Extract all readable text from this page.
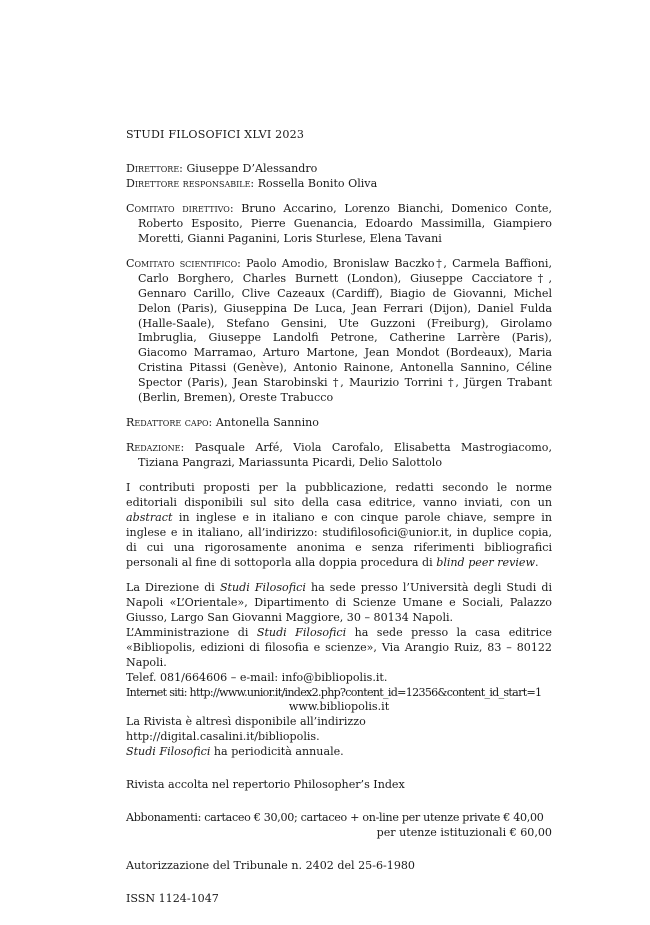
STUDI FILOSOFICI XLVI 2023

Direttore: Giuseppe D’Alessandro

Direttore responsabile: Rossella Bonito Oliva

Comitato direttivo: Bruno Accarino, Lorenzo Bianchi, Domenico Conte, Roberto Esposito, Pierre Guenancia, Edoardo Massimilla, Giampiero Moretti, Gianni Paganini, Loris Sturlese, Elena Tavani

Comitato scientifico: Paolo Amodio, Bronislaw Baczko†, Carmela Baffioni, Carlo Borghero, Charles Burnett (London), Giuseppe Cacciatore†, Gennaro Carillo, Clive Cazeaux (Cardiff), Biagio de Giovanni, Michel Delon (Paris), Giuseppina De Luca, Jean Ferrari (Dijon), Daniel Fulda (Halle-Saale), Stefano Gensini, Ute Guzzoni (Freiburg), Girolamo Imbruglia, Giuseppe Landolfi Petrone, Catherine Larrère (Paris), Giacomo Marramao, Arturo Martone, Jean Mondot (Bordeaux), Maria Cristina Pitassi (Genève), Antonio Rainone, Antonella Sannino, Céline Spector (Paris), Jean Starobinski †, Maurizio Torrini †, Jürgen Trabant (Berlin, Bremen), Oreste Trabucco

Redattore capo: Antonella Sannino

Redazione: Pasquale Arfé, Viola Carofalo, Elisabetta Mastrogiacomo, Tiziana Pangrazi, Mariassunta Picardi, Delio Salottolo

I contributi proposti per la pubblicazione, redatti secondo le norme editoriali disponibili sul sito della casa editrice, vanno inviati, con un abstract in inglese e in italiano e con cinque parole chiave, sempre in inglese e in italiano, all’indirizzo: studifilosofici@unior.it, in duplice copia, di cui una rigorosamente anonima e senza riferimenti bibliografici personali al fine di sottoporla alla doppia procedura di blind peer review.

La Direzione di Studi Filosofici ha sede presso l’Università degli Studi di Napoli «L’Orientale», Dipartimento di Scienze Umane e Sociali, Palazzo Giusso, Largo San Giovanni Maggiore, 30 – 80134 Napoli.

L’Amministrazione di Studi Filosofici ha sede presso la casa editrice «Bibliopolis, edizioni di filosofia e scienze», Via Arangio Ruiz, 83 – 80122 Napoli.

Telef. 081/664606 – e-mail: info@bibliopolis.it.

Internet siti: http://www.unior.it/index2.php?content_id=12356&content_id_start=1

www.bibliopolis.it

La Rivista è altresì disponibile all’indirizzo http://digital.casalini.it/bibliopolis.

Studi Filosofici ha periodicità annuale.

Rivista accolta nel repertorio Philosopher’s Index

Abbonamenti: cartaceo € 30,00; cartaceo + on-line per utenze private € 40,00

per utenze istituzionali € 60,00

Autorizzazione del Tribunale n. 2402 del 25-6-1980

ISSN 1124-1047
